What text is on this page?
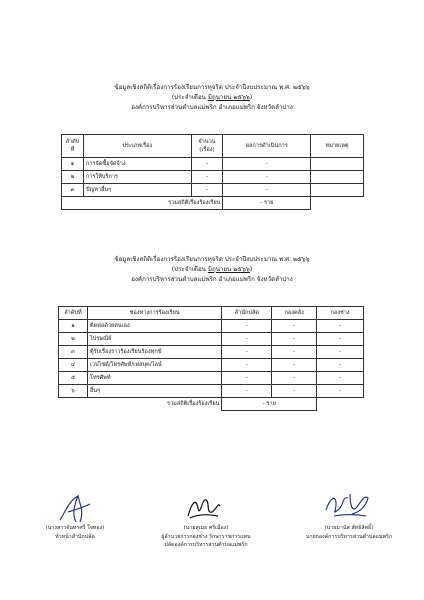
ข้อมูลเชิงสถิติเรื่องการร้องเรียนการทุจริต ประจำปีงบประมาณ พ.ศ. ๒๕๖๖
(ประจำเดือน มิถุนายน ๒๕๖๖)
องค์การบริหารส่วนตำบลแม่พริก อำเภอแม่พริก จังหวัดลำปาง
ลำดับที่	ประเภทเรื่อง	จำนวน (เรื่อง)	ผลการดำเนินการ	หมายเหตุ
๑	การจัดซื้อจัดจ้าง	-	-	
๒	การให้บริการ	-	-	
๓	ปัญหาอื่นๆ	-	-	
รวมสถิติเรื่องร้องเรียน			- ราย	
ข้อมูลเชิงสถิติเรื่องการร้องเรียนการทุจริต ประจำปีงบประมาณ พ.ศ. ๒๕๖๖
(ประจำเดือน มิถุนายน ๒๕๖๖)
องค์การบริหารส่วนตำบลแม่พริก อำเภอแม่พริก จังหวัดลำปาง
ลำดับที่	ช่องทางการร้องเรียน	สำนักปลัด	กองคลัง	กองช่าง
๑	ติดต่อด้วยตนเอง	-	-	-
๒	ไปรษณีย์	-	-	-
๓	ตู้รับเรื่องราวร้องเรียนร้องทุกข์	-	-	-
๔	เวปไซต์/โทรศัพท์/เฟสบุค/ไลน์	-	-	-
๕	โทรศัพท์	-	-	-
๖	อื่นๆ	-	-	-
รวมสถิติเรื่องร้องเรียน		- ราย		
(นางสาวจันทาศรี ใจทอง)
หัวหน้าสำนักปลัด
(นายสุเมธ ศรีเมือง)
ผู้อำนวยการกองช่าง รักษาราชการแทน
ปลัดองค์การบริหารส่วนตำบลแม่พริก
(นายมานัส สัทธิสิทธิ์)
นายกองค์การบริหารส่วนตำบลแม่พริก
